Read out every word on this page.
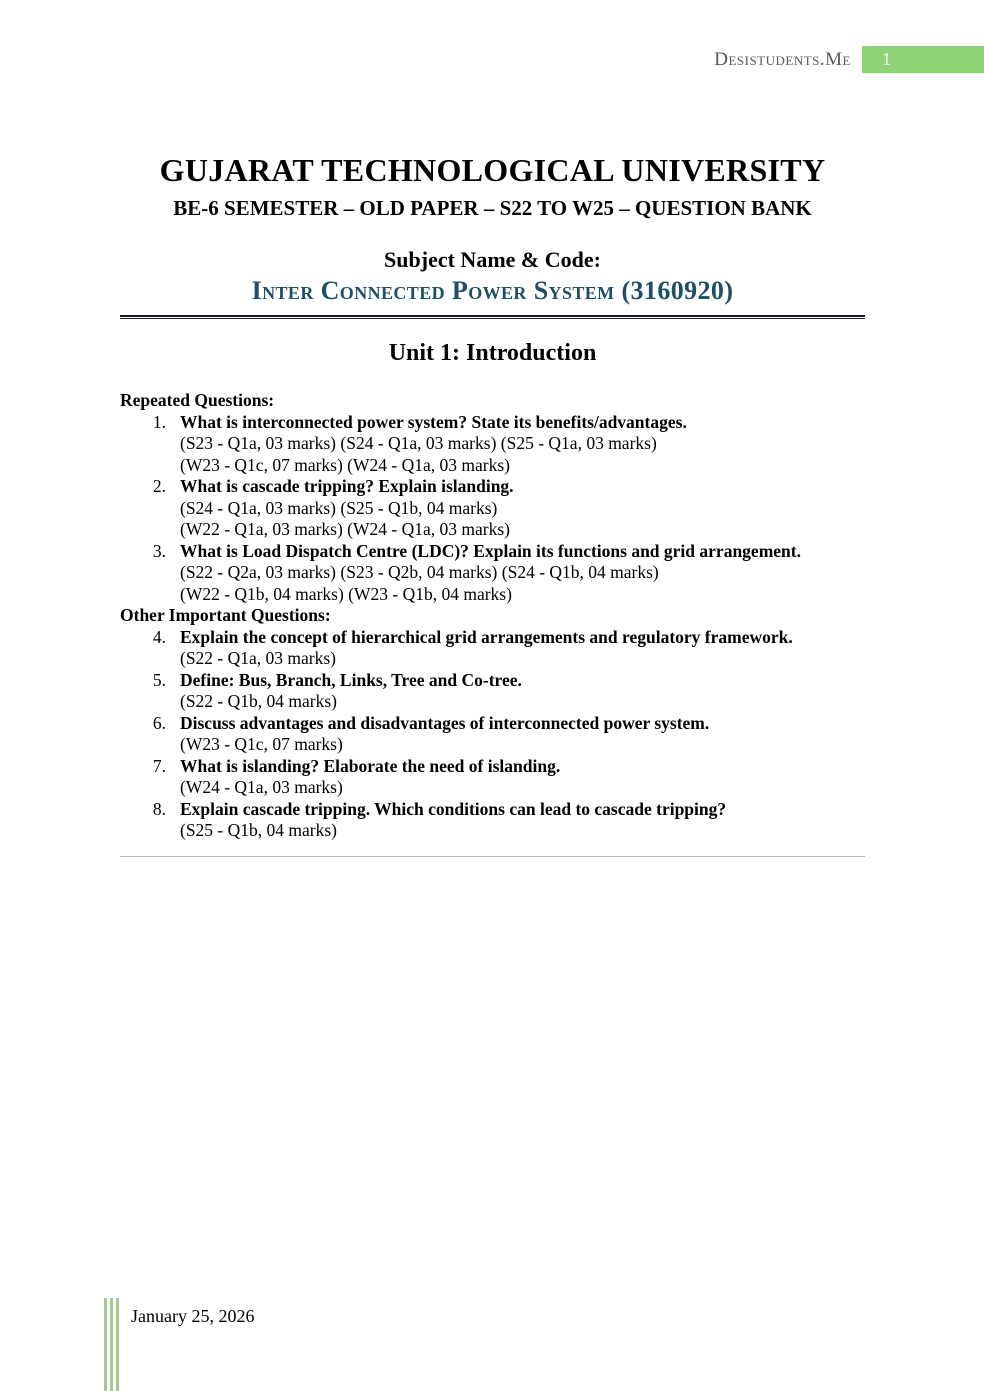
Desistudents.Me	1
GUJARAT TECHNOLOGICAL UNIVERSITY
BE-6 SEMESTER – OLD PAPER – S22 TO W25 – QUESTION BANK
Subject Name & Code:
Inter Connected Power System (3160920)
Unit 1: Introduction
Repeated Questions:
1. What is interconnected power system? State its benefits/advantages.
(S23 - Q1a, 03 marks) (S24 - Q1a, 03 marks) (S25 - Q1a, 03 marks)
(W23 - Q1c, 07 marks) (W24 - Q1a, 03 marks)
2. What is cascade tripping? Explain islanding.
(S24 - Q1a, 03 marks) (S25 - Q1b, 04 marks)
(W22 - Q1a, 03 marks) (W24 - Q1a, 03 marks)
3. What is Load Dispatch Centre (LDC)? Explain its functions and grid arrangement.
(S22 - Q2a, 03 marks) (S23 - Q2b, 04 marks) (S24 - Q1b, 04 marks)
(W22 - Q1b, 04 marks) (W23 - Q1b, 04 marks)
Other Important Questions:
4. Explain the concept of hierarchical grid arrangements and regulatory framework.
(S22 - Q1a, 03 marks)
5. Define: Bus, Branch, Links, Tree and Co-tree.
(S22 - Q1b, 04 marks)
6. Discuss advantages and disadvantages of interconnected power system.
(W23 - Q1c, 07 marks)
7. What is islanding? Elaborate the need of islanding.
(W24 - Q1a, 03 marks)
8. Explain cascade tripping. Which conditions can lead to cascade tripping?
(S25 - Q1b, 04 marks)
January 25, 2026
